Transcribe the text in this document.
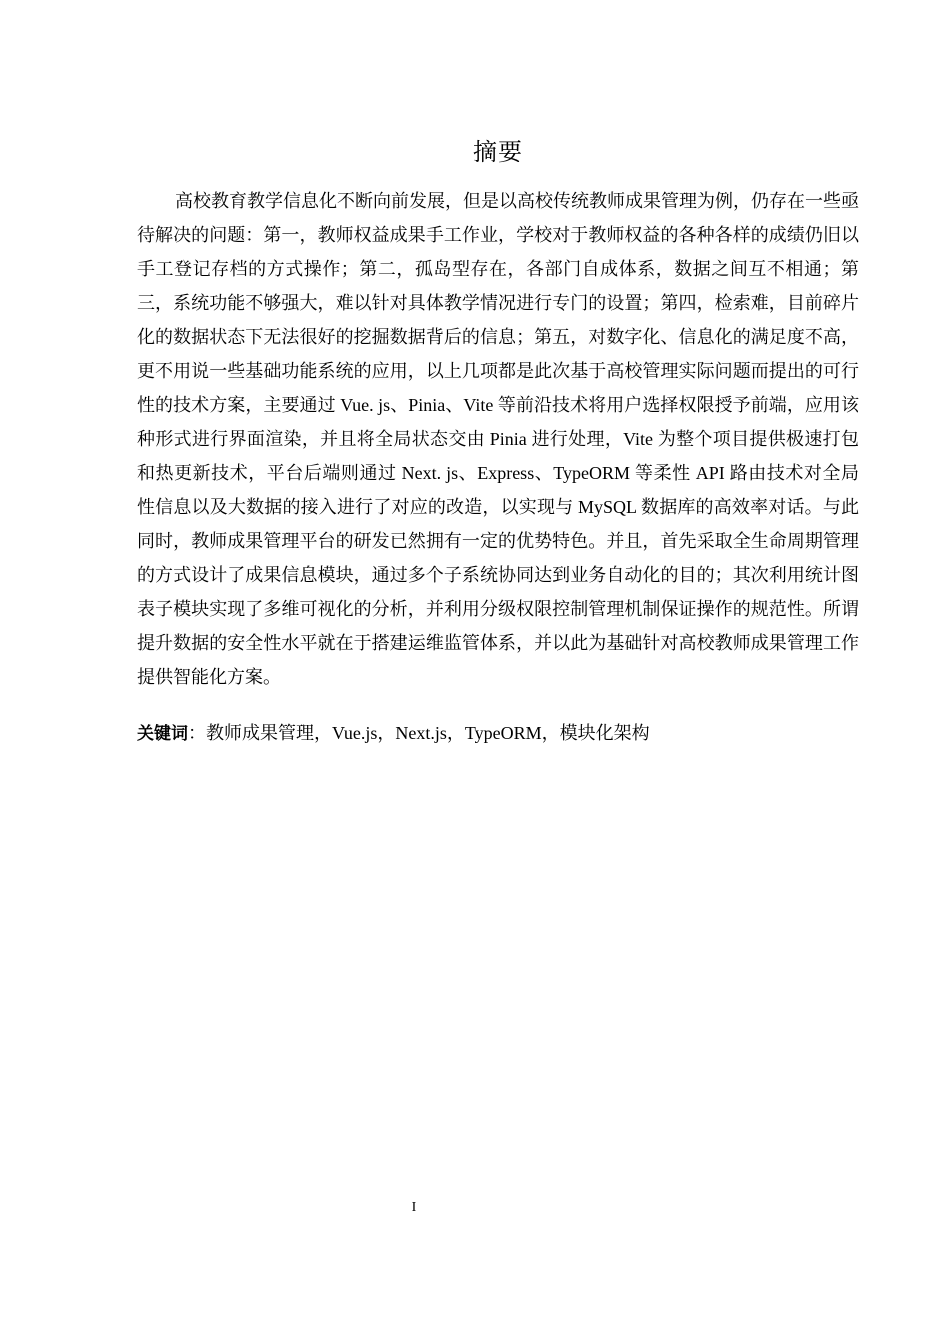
摘要

高校教育教学信息化不断向前发展，但是以高校传统教师成果管理为例，仍存在一些亟待解决的问题：第一，教师权益成果手工作业，学校对于教师权益的各种各样的成绩仍旧以手工登记存档的方式操作；第二，孤岛型存在，各部门自成体系，数据之间互不相通；第三，系统功能不够强大，难以针对具体教学情况进行专门的设置；第四，检索难，目前碎片化的数据状态下无法很好的挖掘数据背后的信息；第五，对数字化、信息化的满足度不高，更不用说一些基础功能系统的应用，以上几项都是此次基于高校管理实际问题而提出的可行性的技术方案，主要通过 Vue. js、Pinia、Vite 等前沿技术将用户选择权限授予前端，应用该种形式进行界面渲染，并且将全局状态交由 Pinia 进行处理，Vite 为整个项目提供极速打包和热更新技术，平台后端则通过 Next. js、Express、TypeORM 等柔性 API 路由技术对全局性信息以及大数据的接入进行了对应的改造，以实现与 MySQL 数据库的高效率对话。与此同时，教师成果管理平台的研发已然拥有一定的优势特色。并且，首先采取全生命周期管理的方式设计了成果信息模块，通过多个子系统协同达到业务自动化的目的；其次利用统计图表子模块实现了多维可视化的分析，并利用分级权限控制管理机制保证操作的规范性。所谓提升数据的安全性水平就在于搭建运维监管体系，并以此为基础针对高校教师成果管理工作提供智能化方案。

关键词：教师成果管理，Vue.js，Next.js，TypeORM，模块化架构

I
